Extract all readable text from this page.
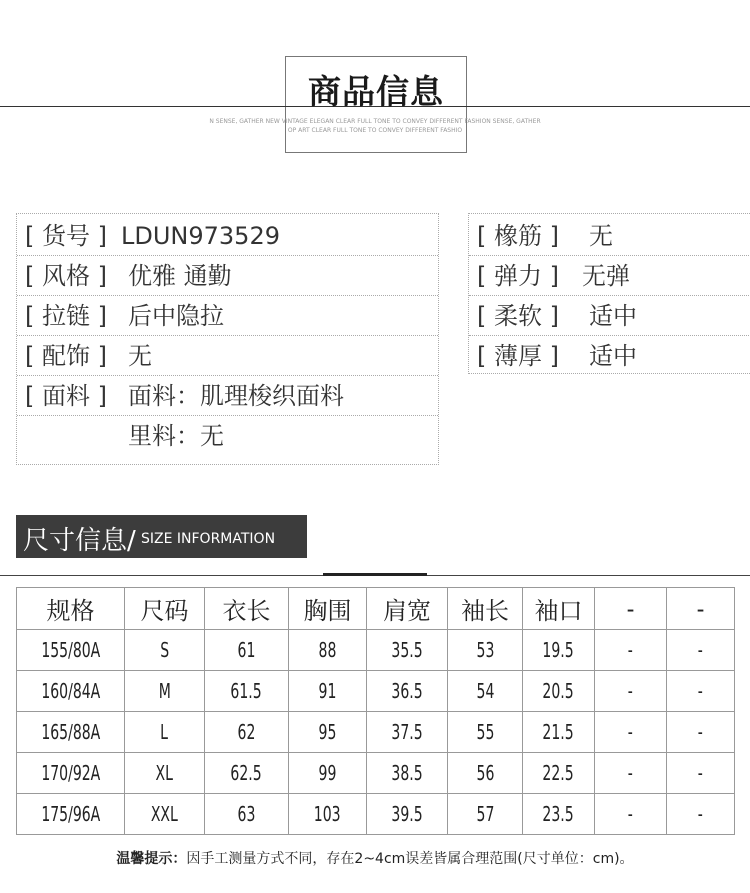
商品信息
N SENSE, GATHER NEW VINTAGE ELEGAN CLEAR FULL TONE TO CONVEY DIFFERENT FASHION SENSE, GATHER
OP ART CLEAR FULL TONE TO CONVEY DIFFERENT FASHIO
[ 货号 ] LDUN973529
[ 风格 ] 优雅 通勤
[ 拉链 ] 后中隐拉
[ 配饰 ] 无
[ 面料 ] 面料：肌理梭织面料
里料：无
[ 橡筋 ] 无
[ 弹力 ] 无弹
[ 柔软 ] 适中
[ 薄厚 ] 适中
尺寸信息/ SIZE INFORMATION
规格	尺码	衣长	胸围	肩宽	袖长	袖口	-	-
155/80A	S	61	88	35.5	53	19.5	-	-
160/84A	M	61.5	91	36.5	54	20.5	-	-
165/88A	L	62	95	37.5	55	21.5	-	-
170/92A	XL	62.5	99	38.5	56	22.5	-	-
175/96A	XXL	63	103	39.5	57	23.5	-	-
温馨提示：因手工测量方式不同，存在2~4cm误差皆属合理范围(尺寸单位：cm)。
